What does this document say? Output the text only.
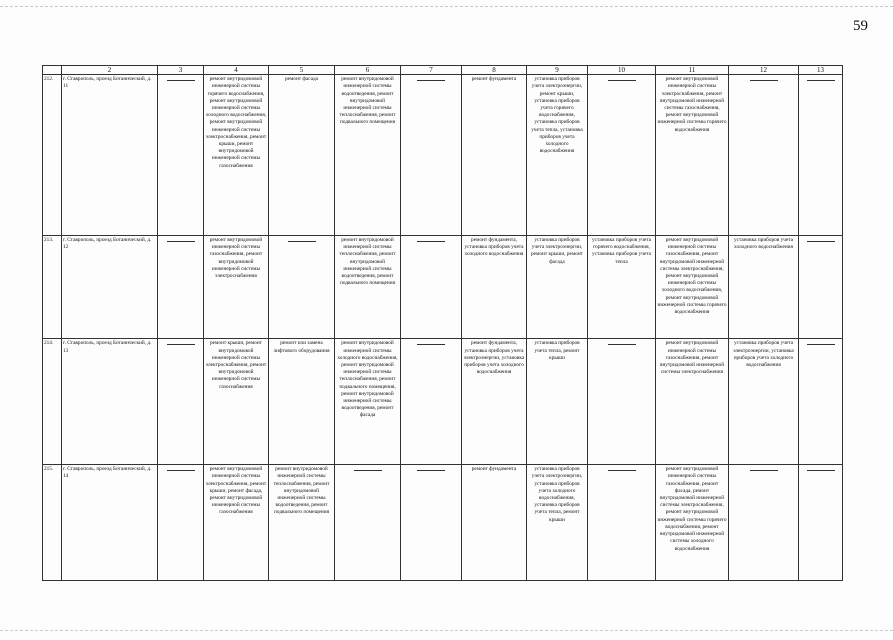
59
	2	3	4	5	6	7	8	9	10	11	12	13
212.	г. Ставрополь, проезд Ботанический, д. 11		ремонт внутридомовой инженерной системы горячего водоснабжения, ремонт внутридомовой инженерной системы холодного водоснабжения, ремонт внутридомовой инженерной системы электроснабжения, ремонт крыши, ремонт внутридомовой инженерной системы газоснабжения	ремонт фасада	ремонт внутридомовой инженерной системы водоотведения, ремонт внутридомовой инженерной системы теплоснабжения, ремонт подвального помещения		ремонт фундамента	установка приборов учета электроэнергии, ремонт крыши, установка приборов учета горячего водоснабжения, установка приборов учета тепла, установка приборов учета холодного водоснабжения		ремонт внутридомовой инженерной системы электроснабжения, ремонт внутридомовой инженерной системы газоснабжения, ремонт внутридомовой инженерной системы горячего водоснабжения	

213.	г. Ставрополь, проезд Ботанический, д. 12		ремонт внутридомовой инженерной системы газоснабжения, ремонт внутридомовой инженерной системы электроснабжения		ремонт внутридомовой инженерной системы теплоснабжения, ремонт внутридомовой инженерной системы водоотведения, ремонт подвального помещения		ремонт фундамента, установка приборов учета холодного водоснабжения	установка приборов учета электроэнергии, ремонт крыши, ремонт фасада	установка приборов учета горячего водоснабжения, установка приборов учета тепла	ремонт внутридомовой инженерной системы газоснабжения, ремонт внутридомовой инженерной системы электроснабжения, ремонт внутридомовой инженерной системы холодного водоснабжения, ремонт внутридомовой инженерной системы горячего водоснабжения	установка приборов учета холодного водоснабжения	

214.	г. Ставрополь, проезд Ботанический, д. 13		ремонт крыши, ремонт внутридомовой инженерной системы электроснабжения, ремонт внутридомовой инженерной системы газоснабжения	ремонт или замена лифтового оборудования	ремонт внутридомовой инженерной системы холодного водоснабжения, ремонт внутридомовой инженерной системы теплоснабжения, ремонт подвального помещения, ремонт внутридомовой инженерной системы водоотведения, ремонт фасада		ремонт фундамента, установка приборов учета электроэнергии, установка приборов учета холодного водоснабжения	установка приборов учета тепла, ремонт крыши		ремонт внутридомовой инженерной системы газоснабжения, ремонт внутридомовой инженерной системы электроснабжения	установка приборов учета электроэнергии, установка приборов учета холодного водоснабжения	

215.	г. Ставрополь, проезд Ботанический, д. 14		ремонт внутридомовой инженерной системы электроснабжения, ремонт крыши, ремонт фасада, ремонт внутридомовой инженерной системы газоснабжения	ремонт внутридомовой инженерной системы теплоснабжения, ремонт внутридомовой инженерной системы водоотведения, ремонт подвального помещения			ремонт фундамента	установка приборов учета электроэнергии, установка приборов учета холодного водоснабжения, установка приборов учета тепла, ремонт крыши		ремонт внутридомовой инженерной системы газоснабжения, ремонт фасада, ремонт внутридомовой инженерной системы электроснабжения, ремонт внутридомовой инженерной системы горячего водоснабжения, ремонт внутридомовой инженерной системы холодного водоснабжения	
